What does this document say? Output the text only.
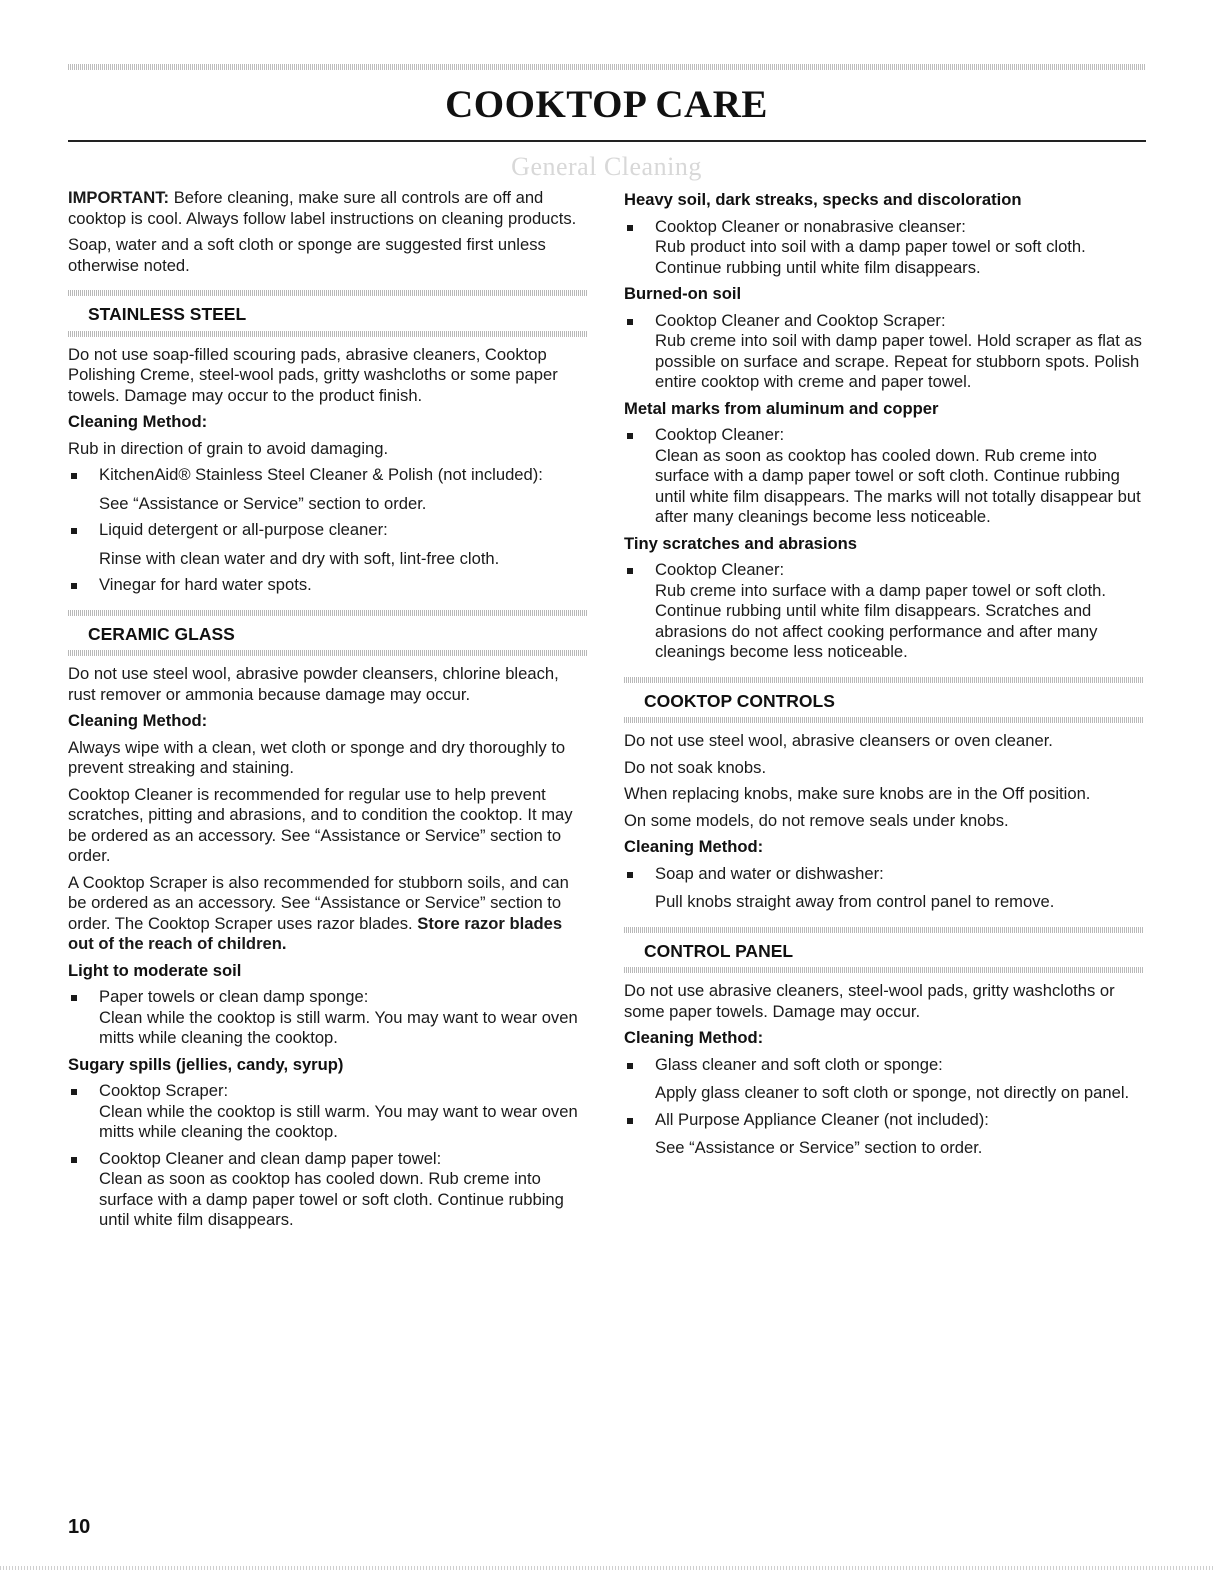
COOKTOP CARE
General Cleaning

IMPORTANT: Before cleaning, make sure all controls are off and cooktop is cool. Always follow label instructions on cleaning products.

Soap, water and a soft cloth or sponge are suggested first unless otherwise noted.

STAINLESS STEEL

Do not use soap-filled scouring pads, abrasive cleaners, Cooktop Polishing Creme, steel-wool pads, gritty washcloths or some paper towels. Damage may occur to the product finish.

Cleaning Method:

Rub in direction of grain to avoid damaging.

KitchenAid® Stainless Steel Cleaner & Polish (not included):
See “Assistance or Service” section to order.
Liquid detergent or all-purpose cleaner:
Rinse with clean water and dry with soft, lint-free cloth.
Vinegar for hard water spots.
CERAMIC GLASS

Do not use steel wool, abrasive powder cleansers, chlorine bleach, rust remover or ammonia because damage may occur.

Cleaning Method:

Always wipe with a clean, wet cloth or sponge and dry thoroughly to prevent streaking and staining.

Cooktop Cleaner is recommended for regular use to help prevent scratches, pitting and abrasions, and to condition the cooktop. It may be ordered as an accessory. See “Assistance or Service” section to order.

A Cooktop Scraper is also recommended for stubborn soils, and can be ordered as an accessory. See “Assistance or Service” section to order. The Cooktop Scraper uses razor blades. Store razor blades out of the reach of children.

Light to moderate soil
Paper towels or clean damp sponge:
Clean while the cooktop is still warm. You may want to wear oven mitts while cleaning the cooktop.
Sugary spills (jellies, candy, syrup)
Cooktop Scraper:
Clean while the cooktop is still warm. You may want to wear oven mitts while cleaning the cooktop.
Cooktop Cleaner and clean damp paper towel:
Clean as soon as cooktop has cooled down. Rub creme into surface with a damp paper towel or soft cloth. Continue rubbing until white film disappears.
Heavy soil, dark streaks, specks and discoloration
Cooktop Cleaner or nonabrasive cleanser:
Rub product into soil with a damp paper towel or soft cloth. Continue rubbing until white film disappears.
Burned-on soil
Cooktop Cleaner and Cooktop Scraper:
Rub creme into soil with damp paper towel. Hold scraper as flat as possible on surface and scrape. Repeat for stubborn spots. Polish entire cooktop with creme and paper towel.
Metal marks from aluminum and copper
Cooktop Cleaner:
Clean as soon as cooktop has cooled down. Rub creme into surface with a damp paper towel or soft cloth. Continue rubbing until white film disappears. The marks will not totally disappear but after many cleanings become less noticeable.
Tiny scratches and abrasions
Cooktop Cleaner:
Rub creme into surface with a damp paper towel or soft cloth. Continue rubbing until white film disappears. Scratches and abrasions do not affect cooking performance and after many cleanings become less noticeable.
COOKTOP CONTROLS

Do not use steel wool, abrasive cleansers or oven cleaner.

Do not soak knobs.

When replacing knobs, make sure knobs are in the Off position.

On some models, do not remove seals under knobs.

Cleaning Method:
Soap and water or dishwasher:
Pull knobs straight away from control panel to remove.
CONTROL PANEL

Do not use abrasive cleaners, steel-wool pads, gritty washcloths or some paper towels. Damage may occur.

Cleaning Method:
Glass cleaner and soft cloth or sponge:
Apply glass cleaner to soft cloth or sponge, not directly on panel.
All Purpose Appliance Cleaner (not included):
See “Assistance or Service” section to order.
10
